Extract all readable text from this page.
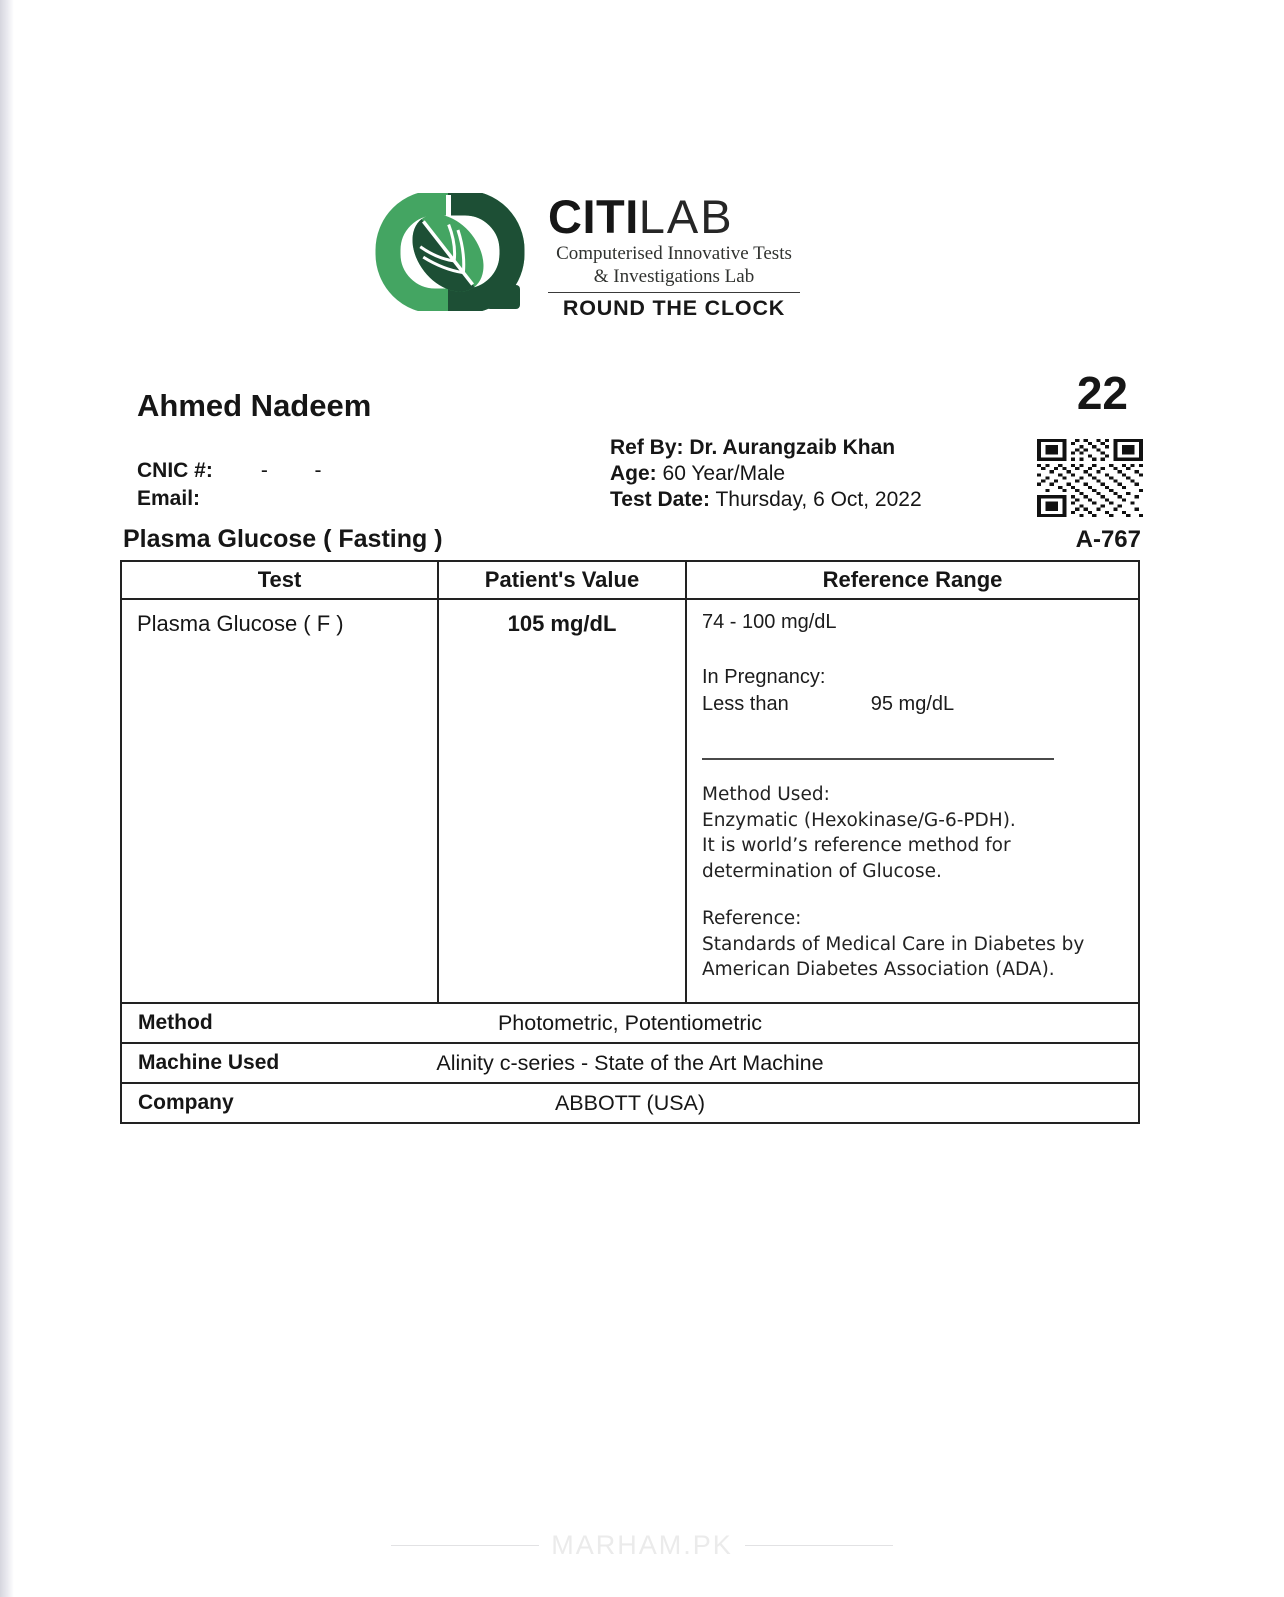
CITILAB
Computerised Innovative Tests
& Investigations Lab
ROUND THE CLOCK
Ahmed Nadeem	22
CNIC #: -        -
Email:
Ref By: Dr. Aurangzaib Khan
Age: 60 Year/Male
Test Date: Thursday, 6 Oct, 2022
Plasma Glucose ( Fasting )	A-767
Test	Patient's Value	Reference Range
Plasma Glucose ( F )	105 mg/dL	74 - 100 mg/dL
In Pregnancy:
Less than	95 mg/dL
Method Used:
Enzymatic (Hexokinase/G-6-PDH).
It is world’s reference method for
determination of Glucose.
Reference:
Standards of Medical Care in Diabetes by
American Diabetes Association (ADA).
Method	Photometric, Potentiometric
Machine Used	Alinity c-series - State of the Art Machine
Company	ABBOTT (USA)
MARHAM.PK
